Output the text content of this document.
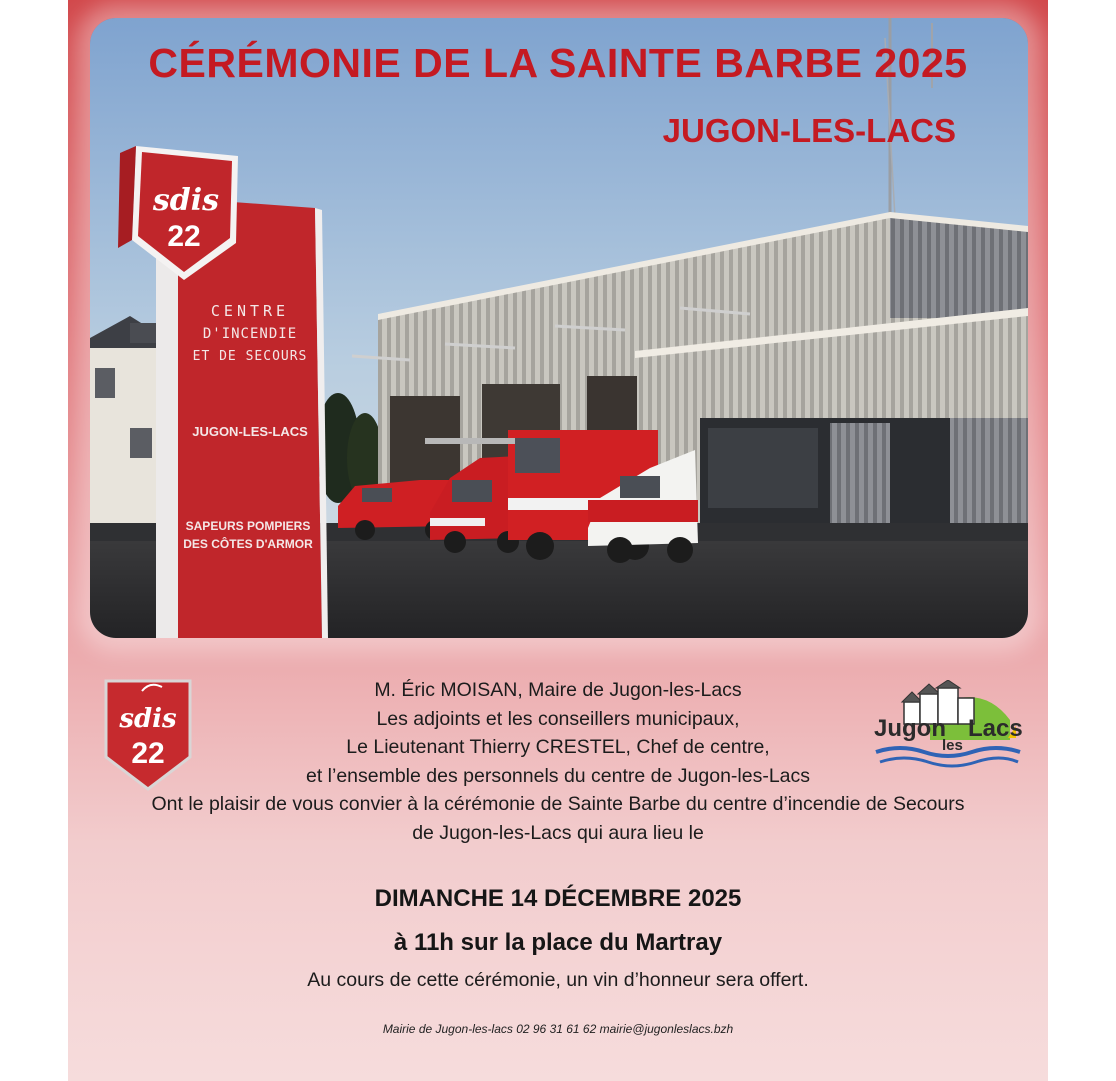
sdis
22
CENTRE
D'INCENDIE
ET DE SECOURS
JUGON-LES-LACS
SAPEURS POMPIERS
DES CÔTES D'ARMOR
CÉRÉMONIE DE LA SAINTE BARBE 2025
JUGON-LES-LACS
sdis
22
Jugon
les
Lacs
M. Éric MOISAN, Maire de Jugon-les-Lacs
Les adjoints et les conseillers municipaux,
Le Lieutenant Thierry CRESTEL, Chef de centre,
et l’ensemble des personnels du centre de Jugon-les-Lacs
Ont le plaisir de vous convier à la cérémonie de Sainte Barbe du centre d’incendie de Secours
de Jugon-les-Lacs qui aura lieu le
DIMANCHE 14 DÉCEMBRE 2025
à 11h sur la place du Martray
Au cours de cette cérémonie, un vin d’honneur sera offert.
Mairie de Jugon-les-lacs 02 96 31 61 62 mairie@jugonleslacs.bzh
